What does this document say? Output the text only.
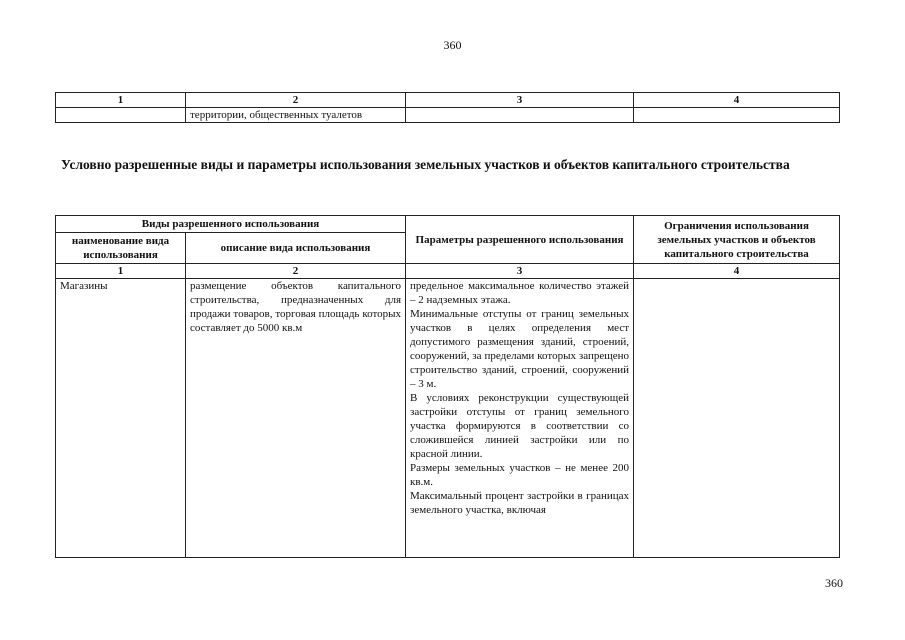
360
1	2	3	4
	территории, общественных туалетов		
Условно разрешенные виды и параметры использования земельных участков и объектов капитального строительства
Виды разрешенного использования		Параметры разрешенного использования	Ограничения использования земельных участков и объектов капитального строительства
наименование вида использования	описание вида использования		
1	2	3	4
Магазины	размещение объектов капитального строительства, предназначенных для продажи товаров, торговая площадь которых составляет до 5000 кв.м	предельное максимальное количество этажей – 2 надземных этажа.

Минимальные отступы от границ земельных участков в целях определения мест допустимого размещения зданий, строений, сооружений, за пределами которых запрещено строительство зданий, строений, сооружений – 3 м.

В условиях реконструкции существующей застройки отступы от границ земельного участка формируются в соответствии со сложившейся линией застройки или по красной линии.

Размеры земельных участков – не менее 200 кв.м.

Максимальный процент застройки в границах земельного участка, включая	

360
